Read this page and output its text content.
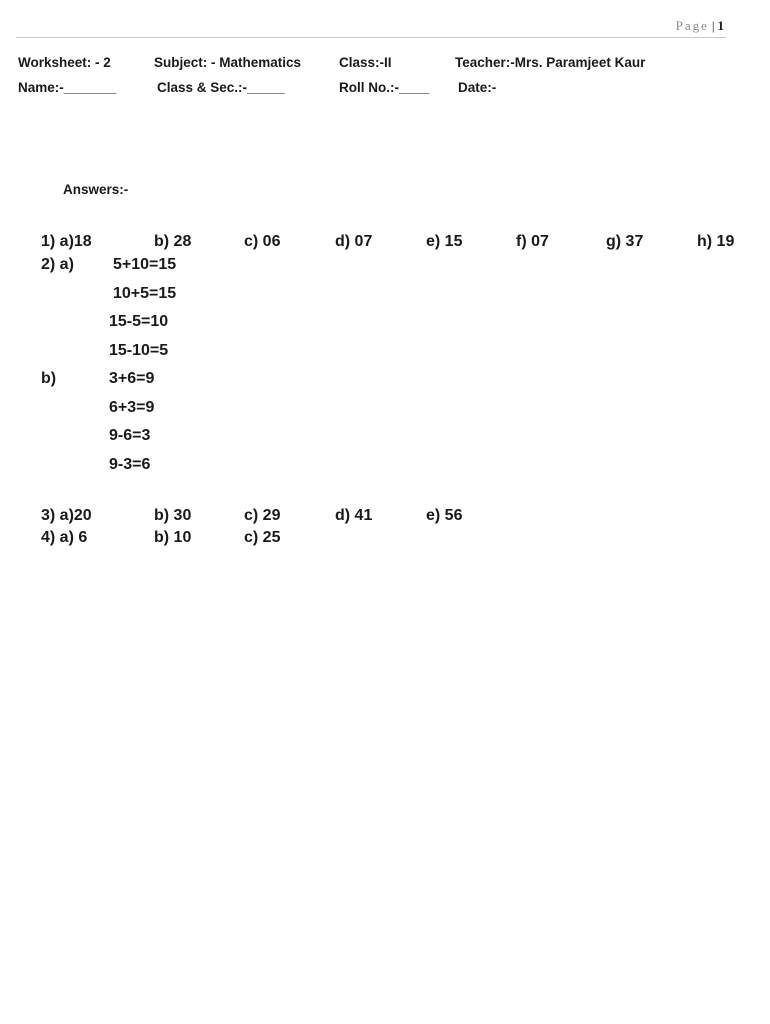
Page | 1
Worksheet: - 2	Subject: - Mathematics	Class:-II	Teacher:-Mrs. Paramjeet Kaur
Name:-_______	Class & Sec.:-_____	Roll No.:-____ Date:-
Answers:-
1) a)18	b) 28	c) 06	d) 07	e) 15	f) 07	g) 37	h) 19
2) a) 5+10=15
10+5=15
15-5=10
15-10=5
b)	3+6=9
6+3=9
9-6=3
9-3=6
3) a)20	b) 30	c) 29	d) 41	e) 56
4) a) 6	b) 10	c) 25
